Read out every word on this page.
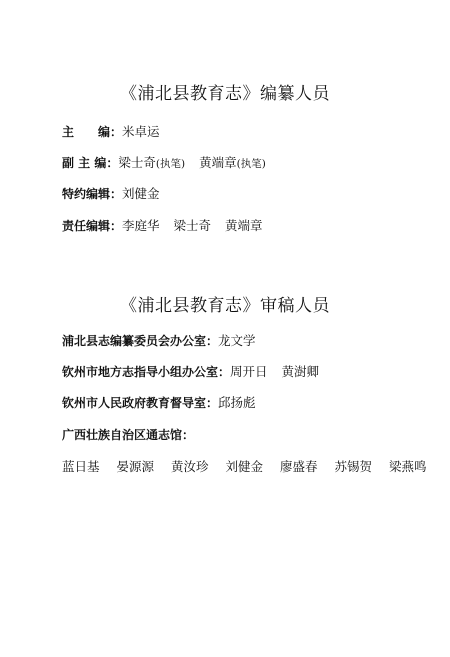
《浦北县教育志》编纂人员
主　　编：米卓运
副 主 编：梁士奇(执笔) 黄端章(执笔)
特约编辑：刘健金
责任编辑：李庭华 梁士奇 黄端章
《浦北县教育志》审稿人员
浦北县志编纂委员会办公室：龙文学
钦州市地方志指导小组办公室：周开日 黄澍卿
钦州市人民政府教育督导室：邱扬彪
广西壮族自治区通志馆：
蓝日基 晏源源 黄汝珍 刘健金 廖盛春 苏锡贺 梁燕鸣
